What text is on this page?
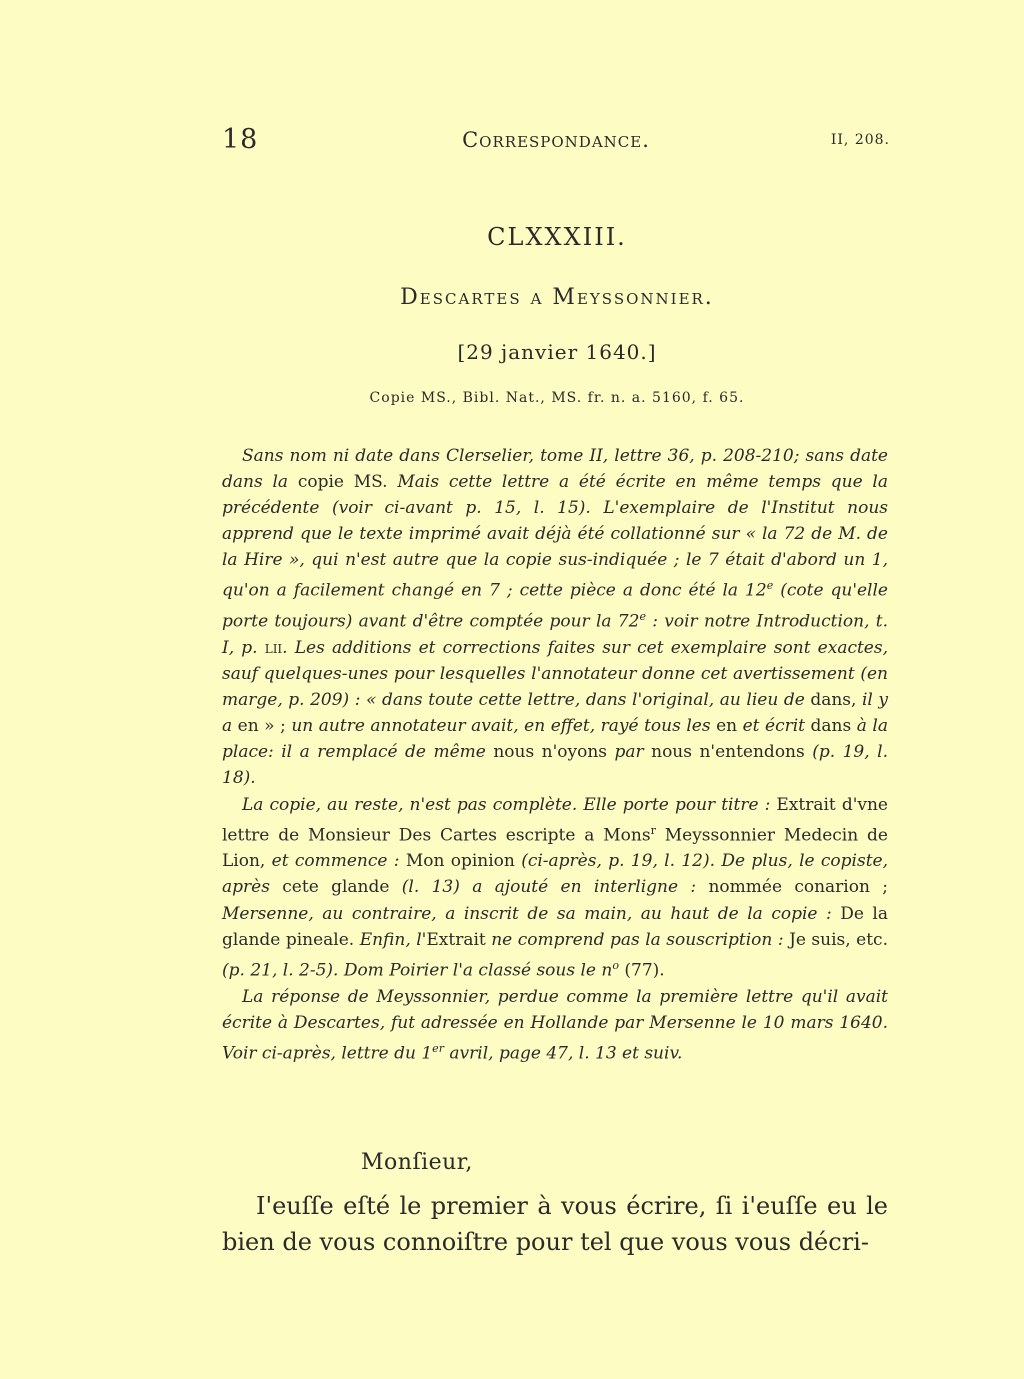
18	Correspondance.	II, 208.
CLXXXIII.
Descartes a Meyssonnier.
[29 janvier 1640.]
Copie MS., Bibl. Nat., MS. fr. n. a. 5160, f. 65.

Sans nom ni date dans Clerselier, tome II, lettre 36, p. 208-210; sans date dans la copie MS. Mais cette lettre a été écrite en même temps que la précédente (voir ci-avant p. 15, l. 15). L'exemplaire de l'Institut nous apprend que le texte imprimé avait déjà été collationné sur « la 72 de M. de la Hire », qui n'est autre que la copie sus-indiquée ; le 7 était d'abord un 1, qu'on a facilement changé en 7 ; cette pièce a donc été la 12e (cote qu'elle porte toujours) avant d'être comptée pour la 72e : voir notre Introduction, t. I, p. lii. Les additions et corrections faites sur cet exemplaire sont exactes, sauf quelques-unes pour lesquelles l'annotateur donne cet avertissement (en marge, p. 209) : « dans toute cette lettre, dans l'original, au lieu de dans, il y a en » ; un autre annotateur avait, en effet, rayé tous les en et écrit dans à la place: il a remplacé de même nous n'oyons par nous n'entendons (p. 19, l. 18).

La copie, au reste, n'est pas complète. Elle porte pour titre : Extrait d'vne lettre de Monsieur Des Cartes escripte a Mons$^r$ Meyssonnier Medecin de Lion, et commence : Mon opinion (ci-après, p. 19, l. 12). De plus, le copiste, après cete glande (l. 13) a ajouté en interligne : nommée conarion ; Mersenne, au contraire, a inscrit de sa main, au haut de la copie : De la glande pineale. Enfin, l'Extrait ne comprend pas la souscription : Je suis, etc. (p. 21, l. 2-5). Dom Poirier l'a classé sous le $n^o$ (77).

La réponse de Meyssonnier, perdue comme la première lettre qu'il avait écrite à Descartes, fut adressée en Hollande par Mersenne le 10 mars 1640. Voir ci-après, lettre du 1er avril, page 47, l. 13 et suiv.

Monſieur,

I'euſſe eſté le premier à vous écrire, ſi i'euſſe eu le bien de vous connoiſtre pour tel que vous vous décri-
